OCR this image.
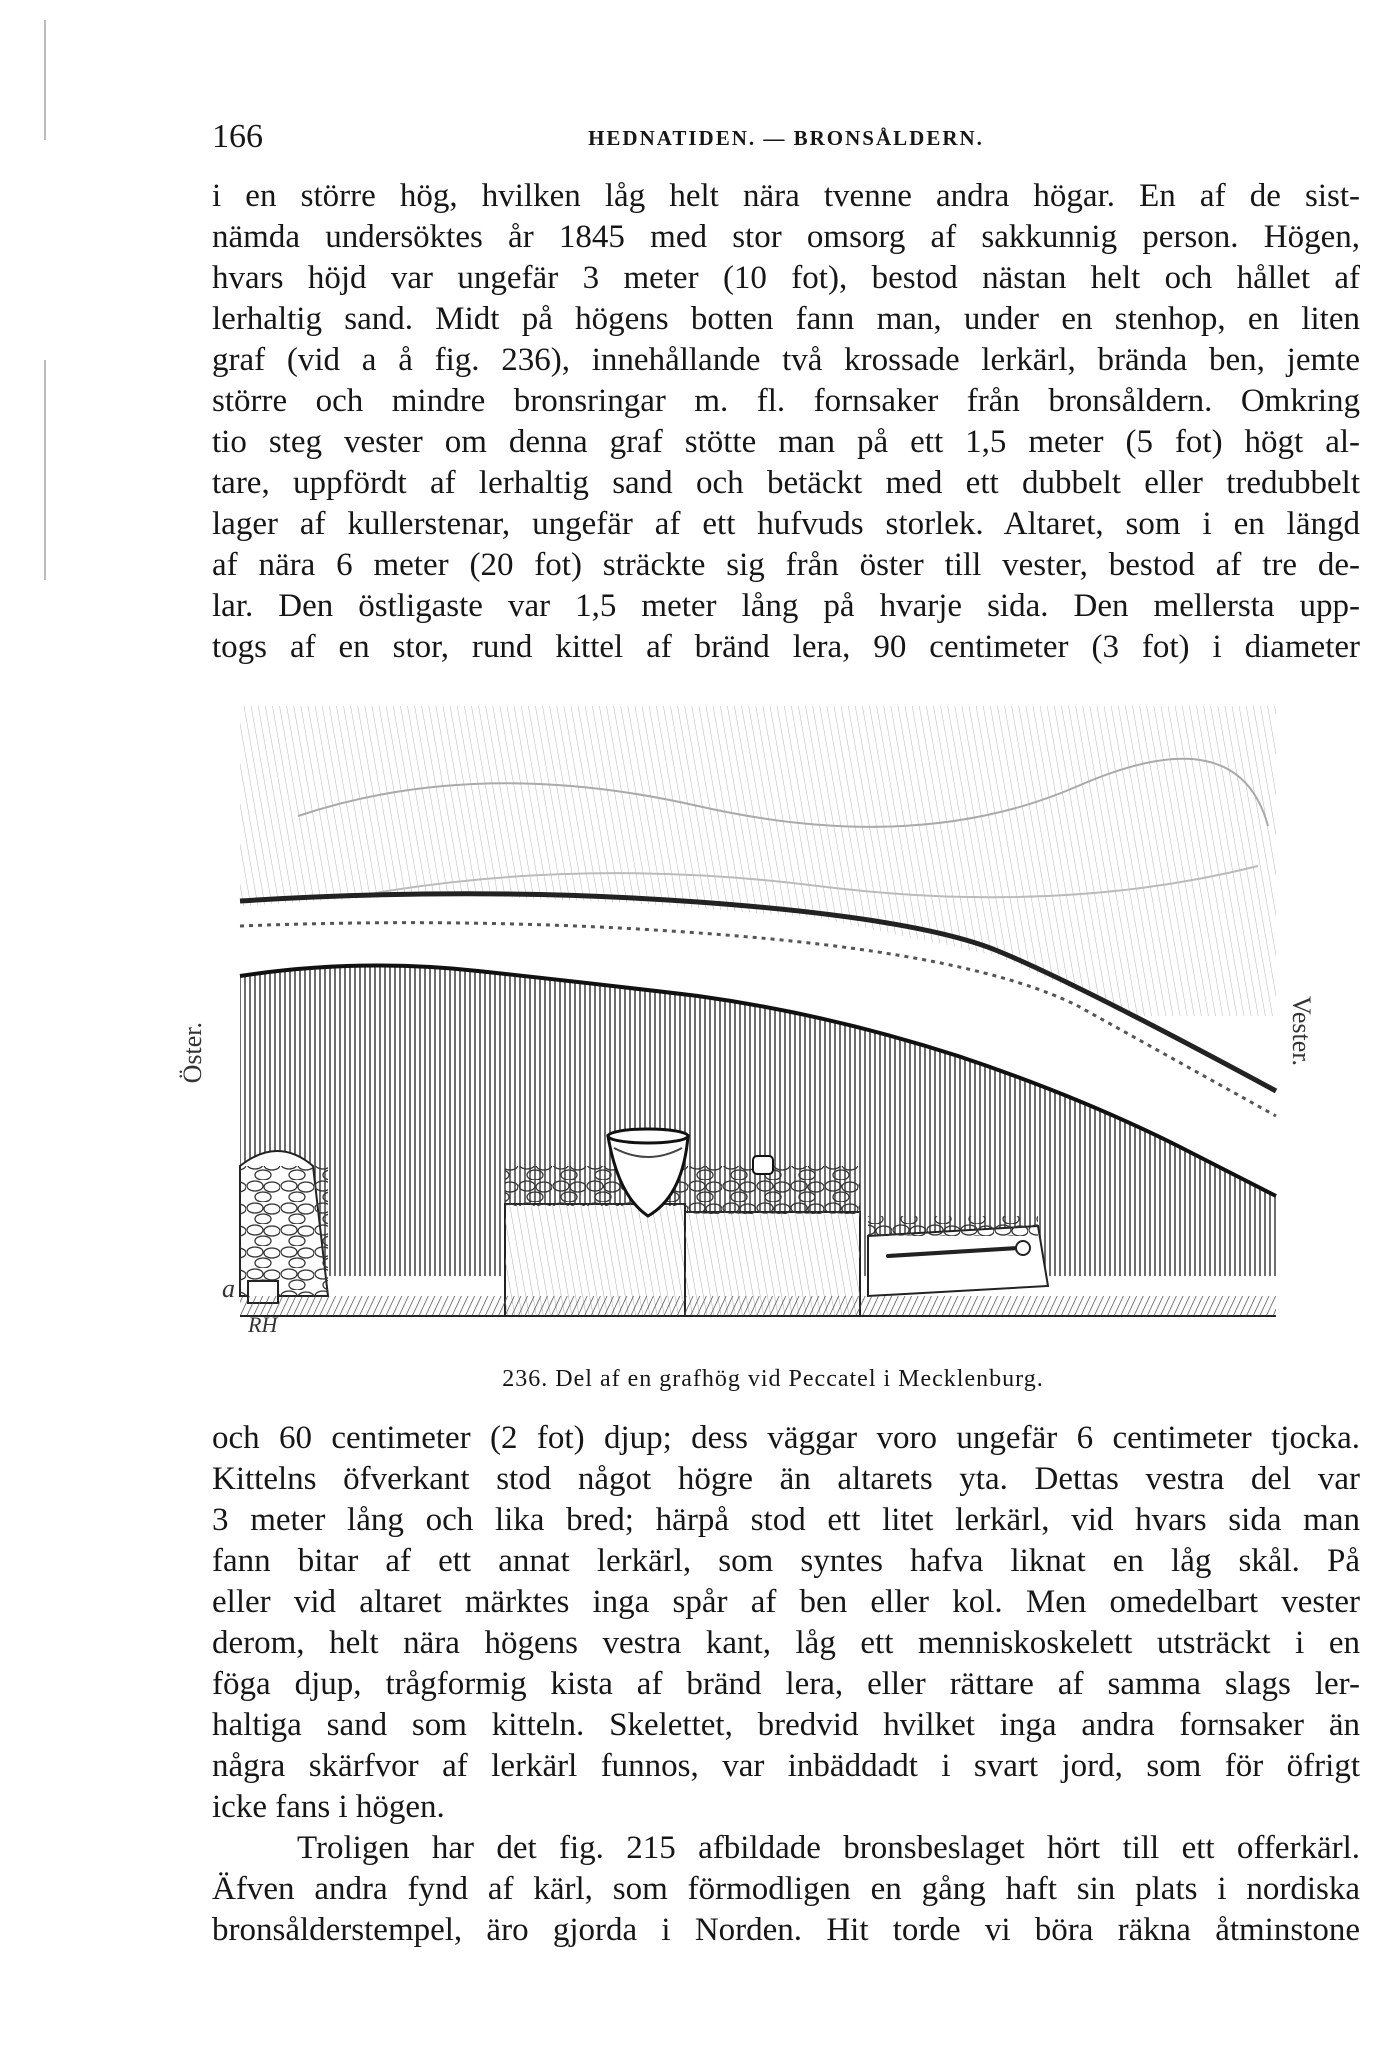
166	HEDNATIDEN. — BRONSÅLDERN.
i en större hög, hvilken låg helt nära tvenne andra högar. En af de sist-
nämda undersöktes år 1845 med stor omsorg af sakkunnig person. Högen,
hvars höjd var ungefär 3 meter (10 fot), bestod nästan helt och hållet af
lerhaltig sand. Midt på högens botten fann man, under en stenhop, en liten
graf (vid a å fig. 236), innehållande två krossade lerkärl, brända ben, jemte
större och mindre bronsringar m. fl. fornsaker från bronsåldern. Omkring
tio steg vester om denna graf stötte man på ett 1,5 meter (5 fot) högt al-
tare, uppfördt af lerhaltig sand och betäckt med ett dubbelt eller tredubbelt
lager af kullerstenar, ungefär af ett hufvuds storlek. Altaret, som i en längd
af nära 6 meter (20 fot) sträckte sig från öster till vester, bestod af tre de-
lar. Den östligaste var 1,5 meter lång på hvarje sida. Den mellersta upp-
togs af en stor, rund kittel af bränd lera, 90 centimeter (3 fot) i diameter
Öster.	Vester.
a
RH
236. Del af en grafhög vid Peccatel i Mecklenburg.
och 60 centimeter (2 fot) djup; dess väggar voro ungefär 6 centimeter tjocka.
Kittelns öfverkant stod något högre än altarets yta. Dettas vestra del var
3 meter lång och lika bred; härpå stod ett litet lerkärl, vid hvars sida man
fann bitar af ett annat lerkärl, som syntes hafva liknat en låg skål. På
eller vid altaret märktes inga spår af ben eller kol. Men omedelbart vester
derom, helt nära högens vestra kant, låg ett menniskoskelett utsträckt i en
föga djup, trågformig kista af bränd lera, eller rättare af samma slags ler-
haltiga sand som kitteln. Skelettet, bredvid hvilket inga andra fornsaker än
några skärfvor af lerkärl funnos, var inbäddadt i svart jord, som för öfrigt
icke fans i högen.
Troligen har det fig. 215 afbildade bronsbeslaget hört till ett offerkärl.
Äfven andra fynd af kärl, som förmodligen en gång haft sin plats i nordiska
bronsålderstempel, äro gjorda i Norden. Hit torde vi böra räkna åtminstone
